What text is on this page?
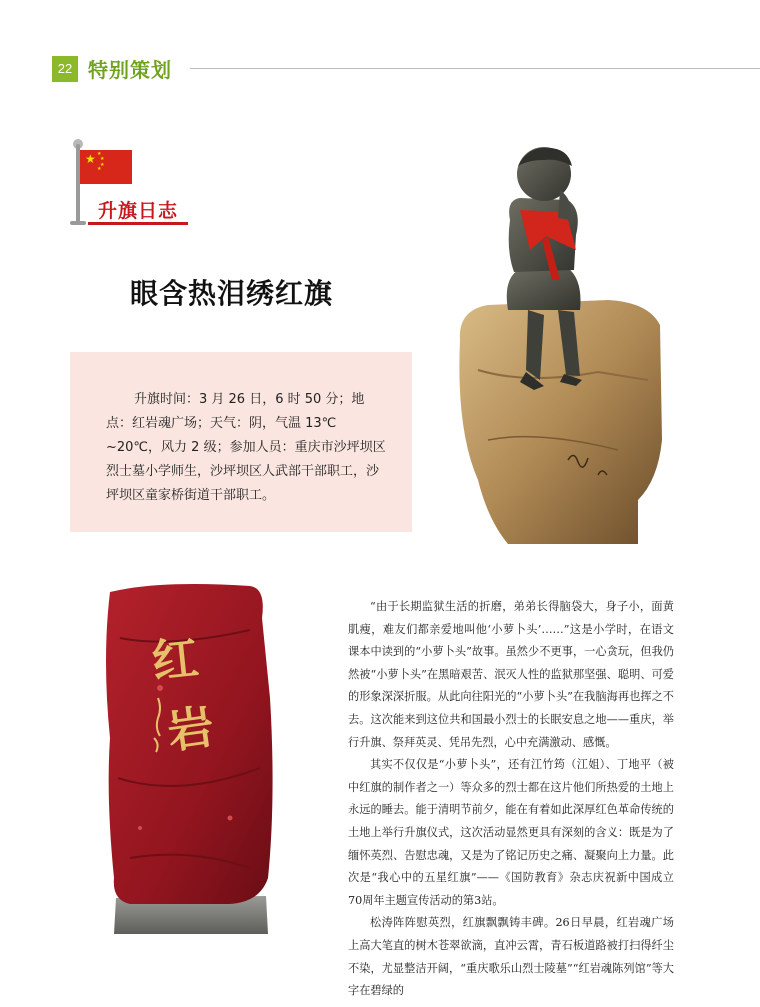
22 特别策划
★ ★
★
★
★
升旗日志
眼含热泪绣红旗
升旗时间：3 月 26 日，6 时 50 分；地点：红岩魂广场；天气：阴，气温 13℃ ~20℃，风力 2 级；参加人员：重庆市沙坪坝区烈士墓小学师生，沙坪坝区人武部干部职工，沙坪坝区童家桥街道干部职工。
红
岩

“由于长期监狱生活的折磨，弟弟长得脑袋大，身子小，面黄肌瘦，难友们都亲爱地叫他‘小萝卜头’……”这是小学时，在语文课本中读到的“小萝卜头”故事。虽然少不更事，一心贪玩，但我仍然被“小萝卜头”在黑暗艰苦、泯灭人性的监狱那坚强、聪明、可爱的形象深深折服。从此向往阳光的“小萝卜头”在我脑海再也挥之不去。这次能来到这位共和国最小烈士的长眠安息之地——重庆，举行升旗、祭拜英灵、凭吊先烈，心中充满激动、感慨。

其实不仅仅是“小萝卜头”，还有江竹筠（江姐）、丁地平（被中红旗的制作者之一）等众多的烈士都在这片他们所热爱的土地上永远的睡去。能于清明节前夕，能在有着如此深厚红色革命传统的土地上举行升旗仪式，这次活动显然更具有深刻的含义：既是为了缅怀英烈、告慰忠魂，又是为了铭记历史之痛、凝聚向上力量。此次是“我心中的五星红旗”——《国防教育》杂志庆祝新中国成立70周年主题宣传活动的第3站。

松涛阵阵慰英烈，红旗飘飘铸丰碑。26日早晨，红岩魂广场上高大笔直的树木苍翠欲滴，直冲云霄，青石板道路被打扫得纤尘不染，尤显整洁开阔，“重庆歌乐山烈士陵墓”“红岩魂陈列馆”等大字在碧绿的
